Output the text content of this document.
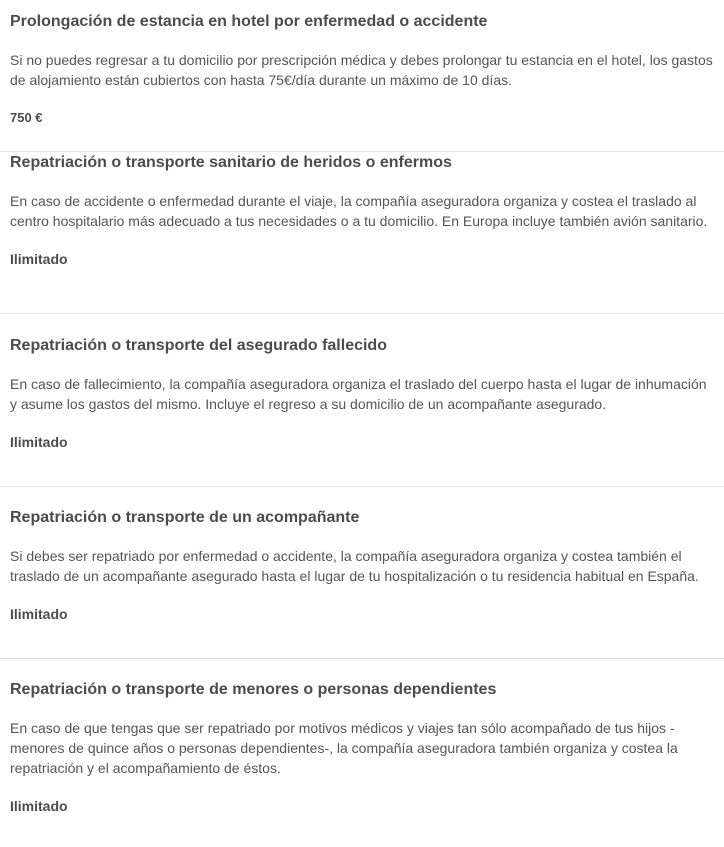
Prolongación de estancia en hotel por enfermedad o accidente

Si no puedes regresar a tu domicilio por prescripción médica y debes prolongar tu estancia en el hotel, los gastos de alojamiento están cubiertos con hasta 75€/día durante un máximo de 10 días.

750 €

Repatriación o transporte sanitario de heridos o enfermos

En caso de accidente o enfermedad durante el viaje, la compañía aseguradora organiza y costea el traslado al centro hospitalario más adecuado a tus necesidades o a tu domicilio. En Europa incluye también avión sanitario.

Ilimitado

Repatriación o transporte del asegurado fallecido

En caso de fallecimiento, la compañía aseguradora organiza el traslado del cuerpo hasta el lugar de inhumación y asume los gastos del mismo. Incluye el regreso a su domicilio de un acompañante asegurado.

Ilimitado

Repatriación o transporte de un acompañante

Si debes ser repatriado por enfermedad o accidente, la compañía aseguradora organiza y costea también el traslado de un acompañante asegurado hasta el lugar de tu hospitalización o tu residencia habitual en España.

Ilimitado

Repatriación o transporte de menores o personas dependientes

En caso de que tengas que ser repatriado por motivos médicos y viajes tan sólo acompañado de tus hijos - menores de quince años o personas dependientes-, la compañía aseguradora también organiza y costea la repatriación y el acompañamiento de éstos.

Ilimitado
